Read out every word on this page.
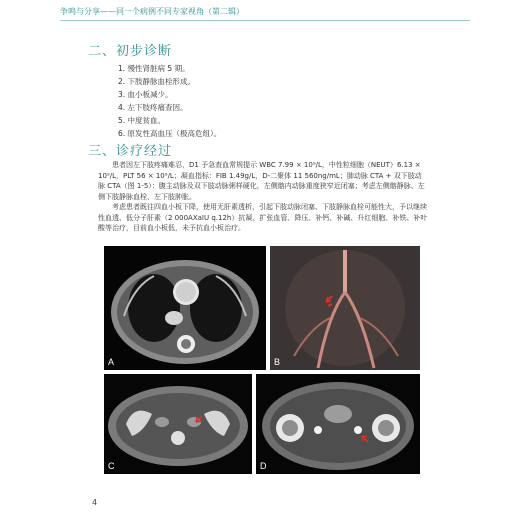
争鸣与分享——同一个病例不同专家视角（第二辑）
二、初步诊断
1. 慢性肾脏病 5 期。
2. 下肢静脉血栓形成。
3. 血小板减少。
4. 左下肢疼痛查因。
5. 中度贫血。
6. 原发性高血压（极高危组）。
三、诊疗经过
患者因左下肢疼痛难忍，D1 予急查血常规提示 WBC 7.99 × 10⁹/L，中性粒细胞（NEUT）6.13 × 10⁹/L，PLT 56 × 10⁹/L；凝血指标：FIB 1.49g/L，D-二聚体 11 560ng/mL；肺动脉 CTA + 双下肢动脉 CTA（图 1-5）：腹主动脉及双下肢动脉粥样硬化，左侧髂内动脉重度狭窄近闭塞；考虑左侧髂静脉、左侧下肢静脉血栓、左下肢肿胀。
考虑患者既往四血小板下降，使用无肝素透析，引起下肢动脉闭塞、下肢静脉血栓可能性大，予以继续性血透、低分子肝素（2 000AXaIU q.12h）抗凝、扩张血管、降压、补钙、补碱、升红细胞、补铁、补叶酸等治疗，目前血小板低，未予抗血小板治疗。
A	B
C	D
4
